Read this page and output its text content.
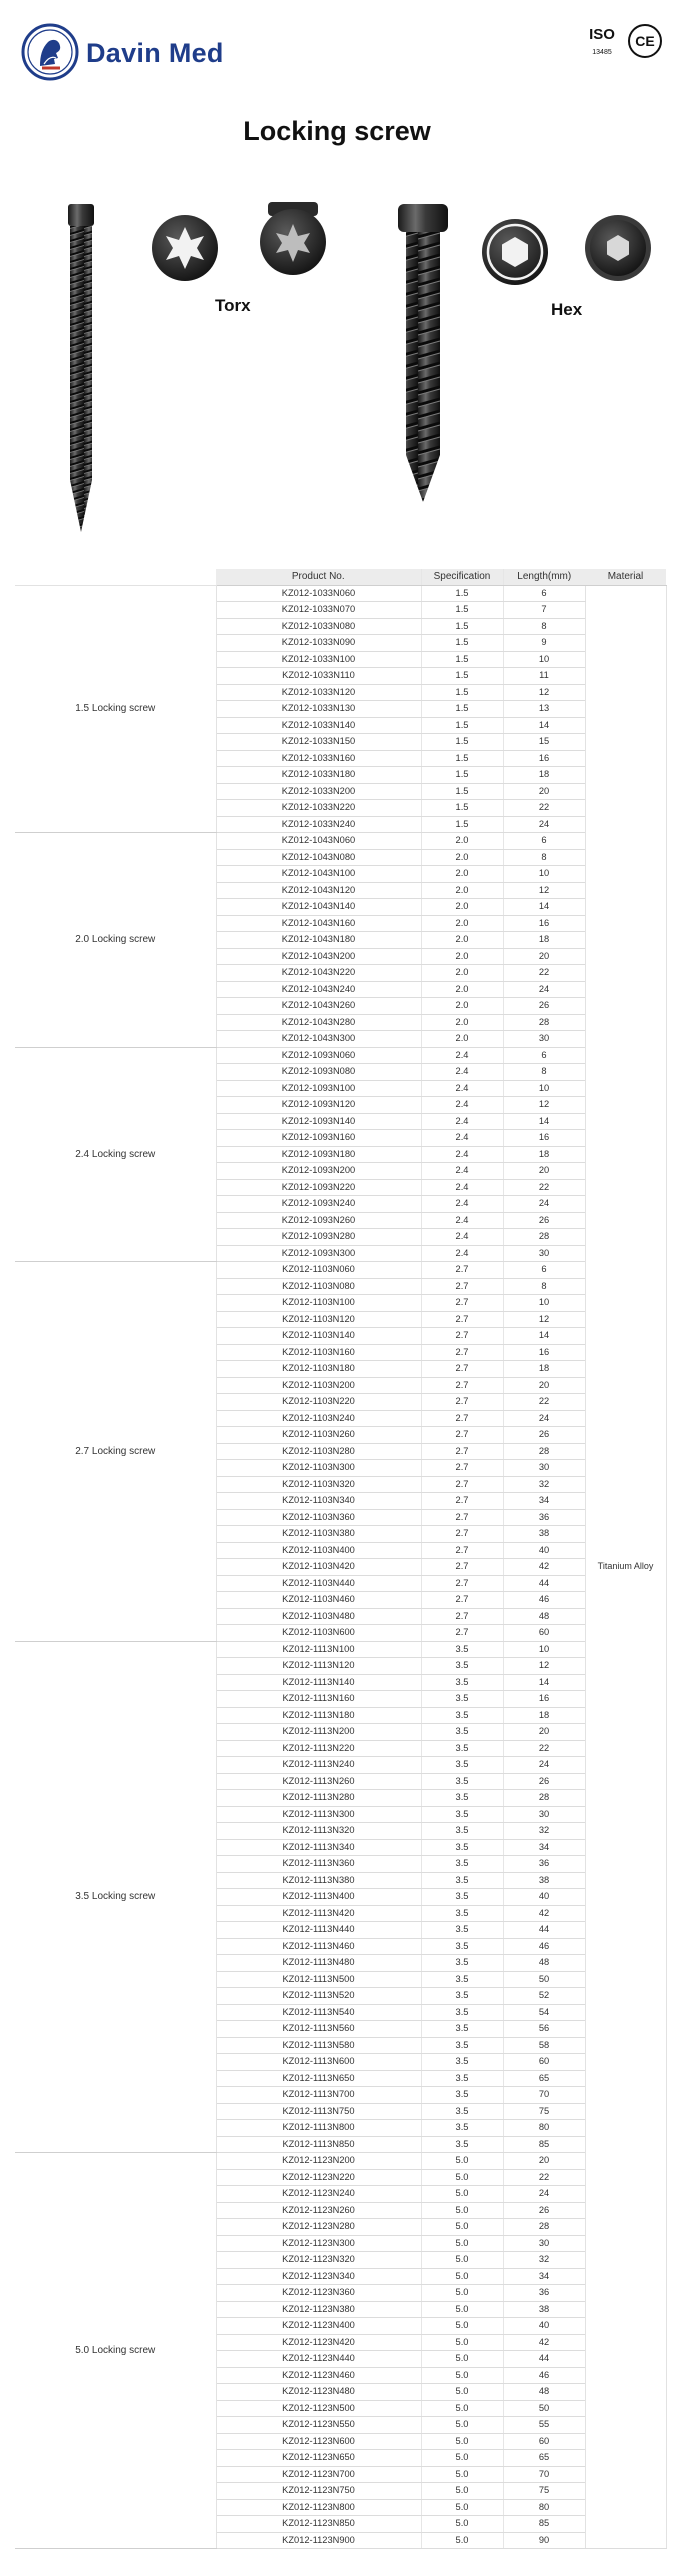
Davin Med
ISO
13485
CE
Locking screw
Torx	Hex
	Product No.	Specification	Length(mm)	Material
1.5 Locking screw	KZ012-1033N060	1.5	6	Titanium Alloy
	KZ012-1033N070	1.5	7	
	KZ012-1033N080	1.5	8	
	KZ012-1033N090	1.5	9	
	KZ012-1033N100	1.5	10	
	KZ012-1033N110	1.5	11	
	KZ012-1033N120	1.5	12	
	KZ012-1033N130	1.5	13	
	KZ012-1033N140	1.5	14	
	KZ012-1033N150	1.5	15	
	KZ012-1033N160	1.5	16	
	KZ012-1033N180	1.5	18	
	KZ012-1033N200	1.5	20	
	KZ012-1033N220	1.5	22	
	KZ012-1033N240	1.5	24	
2.0 Locking screw	KZ012-1043N060	2.0	6	
	KZ012-1043N080	2.0	8	
	KZ012-1043N100	2.0	10	
	KZ012-1043N120	2.0	12	
	KZ012-1043N140	2.0	14	
	KZ012-1043N160	2.0	16	
	KZ012-1043N180	2.0	18	
	KZ012-1043N200	2.0	20	
	KZ012-1043N220	2.0	22	
	KZ012-1043N240	2.0	24	
	KZ012-1043N260	2.0	26	
	KZ012-1043N280	2.0	28	
	KZ012-1043N300	2.0	30	
2.4 Locking screw	KZ012-1093N060	2.4	6	
	KZ012-1093N080	2.4	8	
	KZ012-1093N100	2.4	10	
	KZ012-1093N120	2.4	12	
	KZ012-1093N140	2.4	14	
	KZ012-1093N160	2.4	16	
	KZ012-1093N180	2.4	18	
	KZ012-1093N200	2.4	20	
	KZ012-1093N220	2.4	22	
	KZ012-1093N240	2.4	24	
	KZ012-1093N260	2.4	26	
	KZ012-1093N280	2.4	28	
	KZ012-1093N300	2.4	30	
2.7 Locking screw	KZ012-1103N060	2.7	6	
	KZ012-1103N080	2.7	8	
	KZ012-1103N100	2.7	10	
	KZ012-1103N120	2.7	12	
	KZ012-1103N140	2.7	14	
	KZ012-1103N160	2.7	16	
	KZ012-1103N180	2.7	18	
	KZ012-1103N200	2.7	20	
	KZ012-1103N220	2.7	22	
	KZ012-1103N240	2.7	24	
	KZ012-1103N260	2.7	26	
	KZ012-1103N280	2.7	28	
	KZ012-1103N300	2.7	30	
	KZ012-1103N320	2.7	32	
	KZ012-1103N340	2.7	34	
	KZ012-1103N360	2.7	36	
	KZ012-1103N380	2.7	38	
	KZ012-1103N400	2.7	40	
	KZ012-1103N420	2.7	42	
	KZ012-1103N440	2.7	44	
	KZ012-1103N460	2.7	46	
	KZ012-1103N480	2.7	48	
	KZ012-1103N600	2.7	60	
3.5 Locking screw	KZ012-1113N100	3.5	10	
	KZ012-1113N120	3.5	12	
	KZ012-1113N140	3.5	14	
	KZ012-1113N160	3.5	16	
	KZ012-1113N180	3.5	18	
	KZ012-1113N200	3.5	20	
	KZ012-1113N220	3.5	22	
	KZ012-1113N240	3.5	24	
	KZ012-1113N260	3.5	26	
	KZ012-1113N280	3.5	28	
	KZ012-1113N300	3.5	30	
	KZ012-1113N320	3.5	32	
	KZ012-1113N340	3.5	34	
	KZ012-1113N360	3.5	36	
	KZ012-1113N380	3.5	38	
	KZ012-1113N400	3.5	40	
	KZ012-1113N420	3.5	42	
	KZ012-1113N440	3.5	44	
	KZ012-1113N460	3.5	46	
	KZ012-1113N480	3.5	48	
	KZ012-1113N500	3.5	50	
	KZ012-1113N520	3.5	52	
	KZ012-1113N540	3.5	54	
	KZ012-1113N560	3.5	56	
	KZ012-1113N580	3.5	58	
	KZ012-1113N600	3.5	60	
	KZ012-1113N650	3.5	65	
	KZ012-1113N700	3.5	70	
	KZ012-1113N750	3.5	75	
	KZ012-1113N800	3.5	80	
	KZ012-1113N850	3.5	85	
5.0 Locking screw	KZ012-1123N200	5.0	20	
	KZ012-1123N220	5.0	22	
	KZ012-1123N240	5.0	24	
	KZ012-1123N260	5.0	26	
	KZ012-1123N280	5.0	28	
	KZ012-1123N300	5.0	30	
	KZ012-1123N320	5.0	32	
	KZ012-1123N340	5.0	34	
	KZ012-1123N360	5.0	36	
	KZ012-1123N380	5.0	38	
	KZ012-1123N400	5.0	40	
	KZ012-1123N420	5.0	42	
	KZ012-1123N440	5.0	44	
	KZ012-1123N460	5.0	46	
	KZ012-1123N480	5.0	48	
	KZ012-1123N500	5.0	50	
	KZ012-1123N550	5.0	55	
	KZ012-1123N600	5.0	60	
	KZ012-1123N650	5.0	65	
	KZ012-1123N700	5.0	70	
	KZ012-1123N750	5.0	75	
	KZ012-1123N800	5.0	80	
	KZ012-1123N850	5.0	85	
	KZ012-1123N900	5.0	90	
